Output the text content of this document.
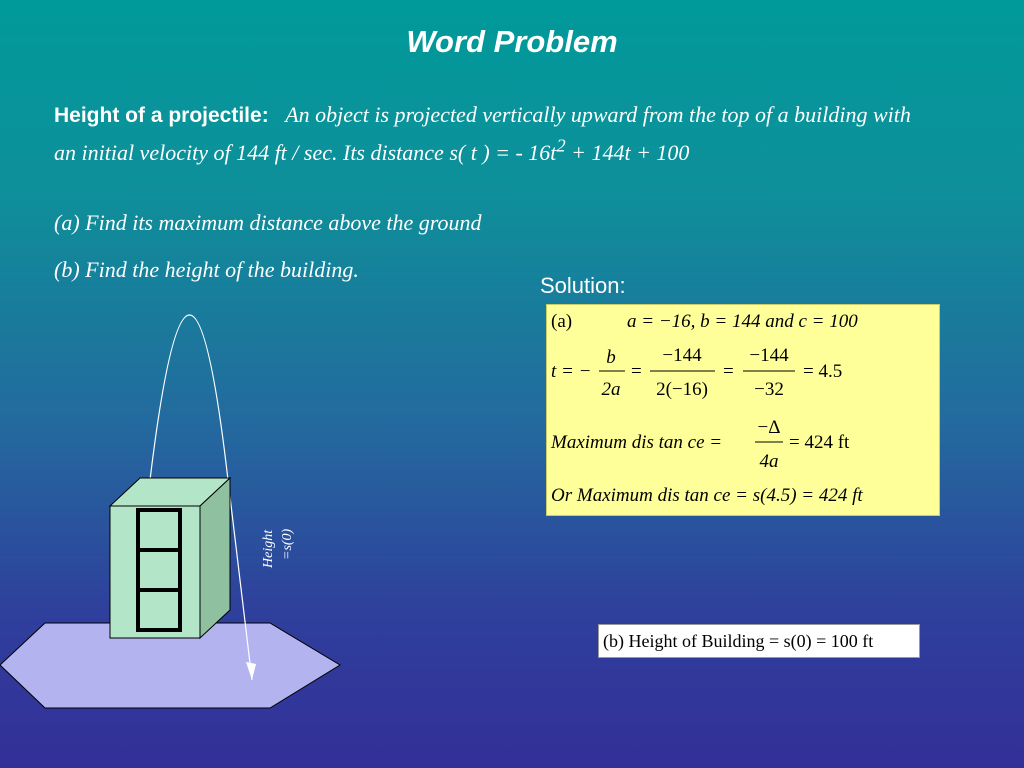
Word Problem
Height of a projectile: An object is projected vertically upward from the top of a building with an initial velocity of 144 ft / sec. Its distance s( t ) = - $16t^2 + 144t + 100$
(a) Find its maximum distance above the ground
(b) Find the height of the building.
Solution:
Height =s(0)
(a)	a = −16, b = 144 and c = 100
t = −
b
2a
=
−144
2(−16)
=
−144
−32
= 4.5
Maximum dis tan ce =
−Δ
4a
= 424 ft
Or Maximum dis tan ce = s(4.5) = 424 ft
(b) Height of Building = s(0) = 100 ft
